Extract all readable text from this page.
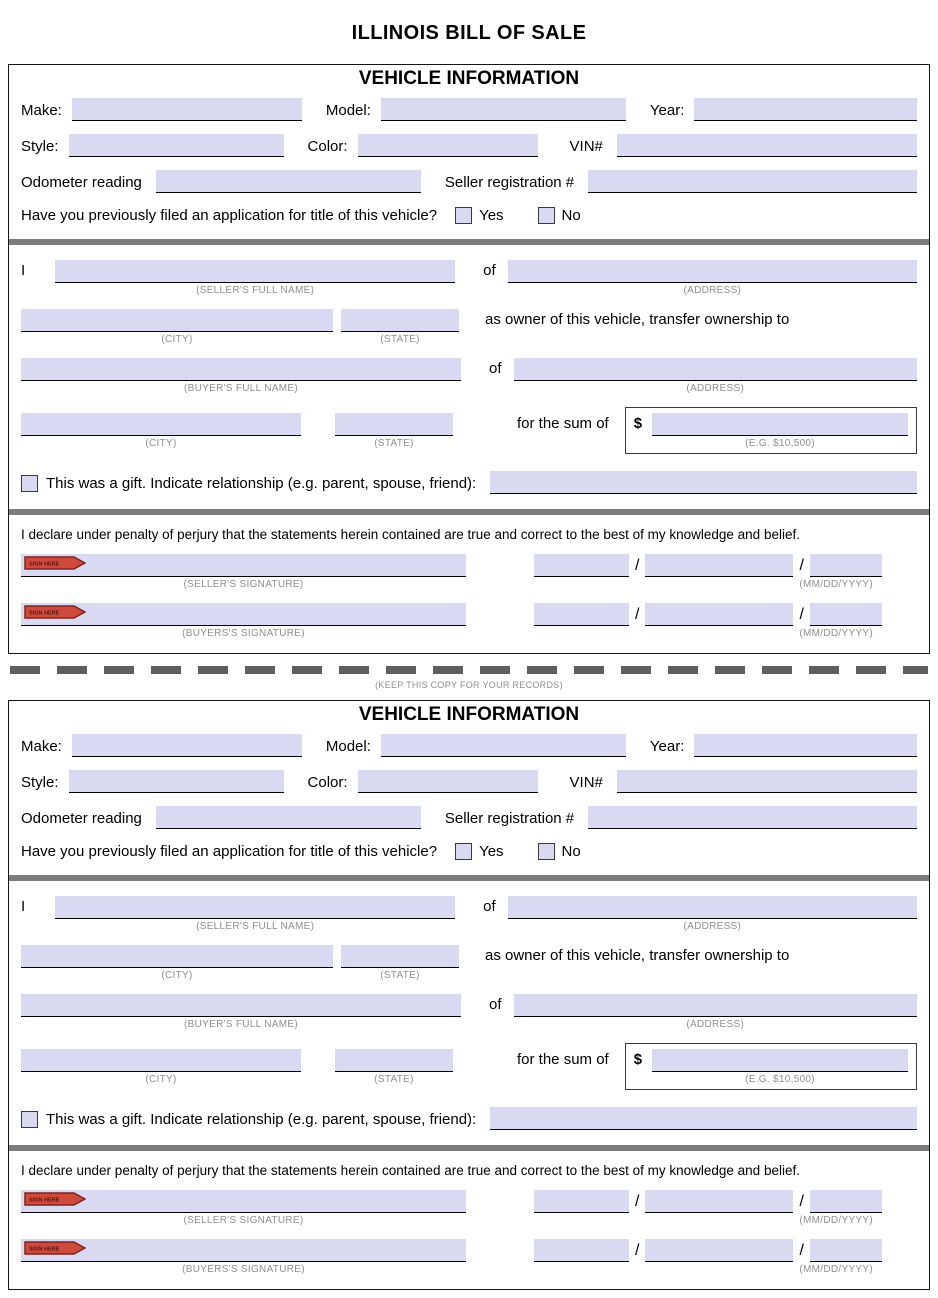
ILLINOIS BILL OF SALE
VEHICLE INFORMATION
Make:	Model:	Year:
Style:	Color:	VIN#
Odometer reading	Seller registration #
Have you previously filed an application for title of this vehicle?	Yes	No
I
(SELLER'S FULL NAME)
of
(ADDRESS)
(CITY)	(STATE)
as owner of this vehicle, transfer ownership to
(BUYER'S FULL NAME)
of
(ADDRESS)
(CITY)	(STATE)
for the sum of $
(E.G. $10,500)
This was a gift. Indicate relationship (e.g. parent, spouse, friend):
I declare under penalty of perjury that the statements herein contained are true and correct to the best of my knowledge and belief.
SIGN HERE
(SELLER'S SIGNATURE)
/	/
(MM/DD/YYYY)
SIGN HERE
(BUYERS'S SIGNATURE)
/	/
(MM/DD/YYYY)
(KEEP THIS COPY FOR YOUR RECORDS)
VEHICLE INFORMATION
Make:	Model:	Year:
Style:	Color:	VIN#
Odometer reading	Seller registration #
Have you previously filed an application for title of this vehicle?	Yes	No
I
(SELLER'S FULL NAME)
of
(ADDRESS)
(CITY)	(STATE)
as owner of this vehicle, transfer ownership to
(BUYER'S FULL NAME)
of
(ADDRESS)
(CITY)	(STATE)
for the sum of $
(E.G. $10,500)
This was a gift. Indicate relationship (e.g. parent, spouse, friend):
I declare under penalty of perjury that the statements herein contained are true and correct to the best of my knowledge and belief.
SIGN HERE
(SELLER'S SIGNATURE)
/	/
(MM/DD/YYYY)
SIGN HERE
(BUYERS'S SIGNATURE)
/	/
(MM/DD/YYYY)
